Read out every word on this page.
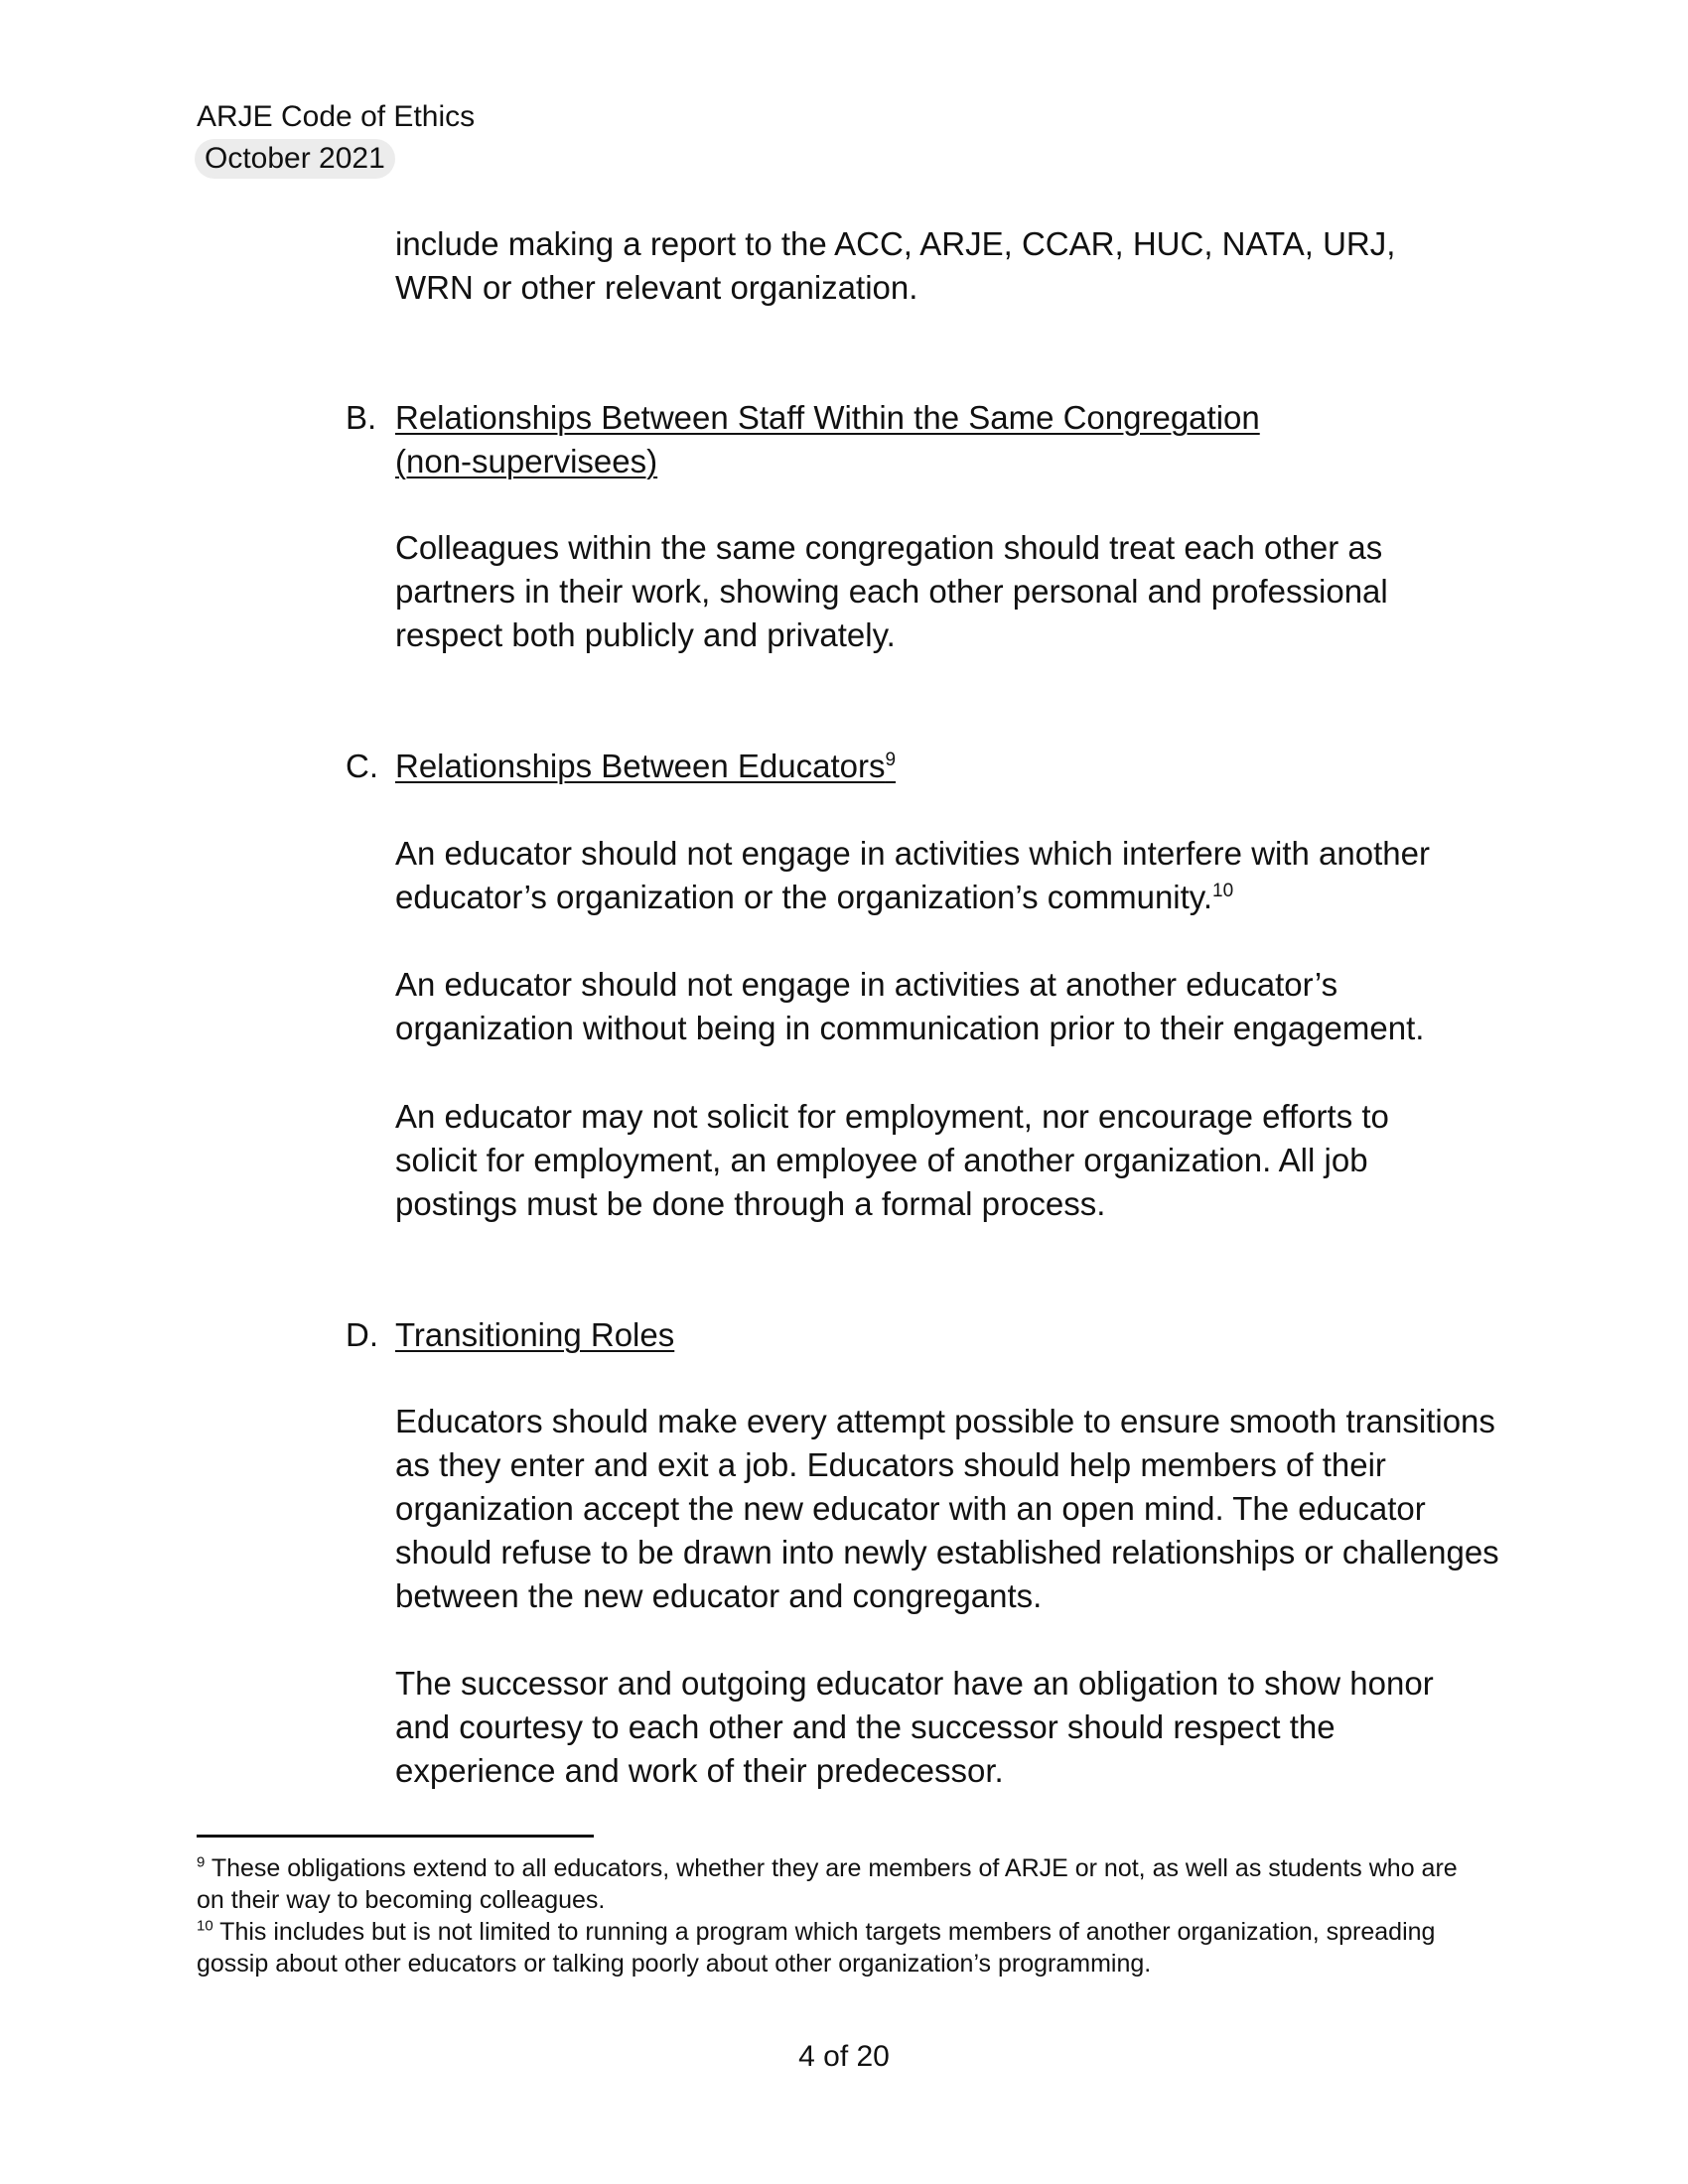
ARJE Code of Ethics
October 2021
include making a report to the ACC, ARJE, CCAR, HUC, NATA, URJ,
WRN or other relevant organization.
B. Relationships Between Staff Within the Same Congregation
(non-supervisees)

Colleagues within the same congregation should treat each other as partners in their work, showing each other personal and professional respect both publicly and privately.

C. Relationships Between Educators$^9$

An educator should not engage in activities which interfere with another educator’s organization or the organization’s community.$^{10}$

An educator should not engage in activities at another educator’s organization without being in communication prior to their engagement.

An educator may not solicit for employment, nor encourage efforts to solicit for employment, an employee of another organization. All job postings must be done through a formal process.

D. Transitioning Roles

Educators should make every attempt possible to ensure smooth transitions as they enter and exit a job. Educators should help members of their organization accept the new educator with an open mind. The educator should refuse to be drawn into newly established relationships or challenges between the new educator and congregants.

The successor and outgoing educator have an obligation to show honor and courtesy to each other and the successor should respect the experience and work of their predecessor.

$^9$ These obligations extend to all educators, whether they are members of ARJE or not, as well as students who are on their way to becoming colleagues.

$^{10}$ This includes but is not limited to running a program which targets members of another organization, spreading gossip about other educators or talking poorly about other organization’s programming.

4 of 20
